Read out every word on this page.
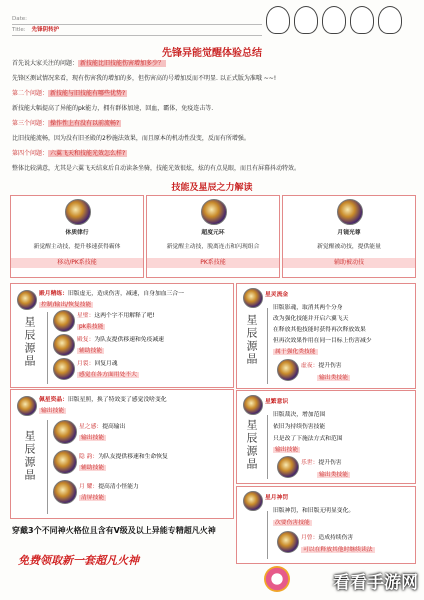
Date:
Title: 先锋阴转护
先锋异能觉醒体验总结
首先说大家关注的问题： 新技能比旧技能伤害增加多少？
先锋区测试情况来看，现有伤害我的增加的多，但伤害高的号增加反而不明显. 以正式版为准哦 ~~!
第二个问题： 新技能与旧技能有哪些优势?
新技能大幅提高了异能的pk能力，拥有群体加速，回血，霸体，免疫连击等.
第三个问题： 操作性上有没有以前流畅?
比旧技能流畅，因为没有旧圣殿的2秒施法效果，而且原本的机动性没变，反而有所增强。
第四个问题： 六翼飞天和技能光效怎么样?
整体比较满意，尤其是六翼飞天结束后自动读条坐骑，技能光效很炫，炫的有点晃眼，而且有屏幕抖动特效。
技能及星辰之力解读
体质律行
新觉醒主动技，提升移速获得霸体
移动/PK系技能
超度元环
新觉醒主动技，脱离连击和闪现组合
PK系技能
月镜光尊
新觉醒被动技，提供能量
辅助被动技
殿月精练：旧版虚无，造成伤害，减速，自身加血三合一
控制/输出/恢复技能
星辰源晶	星璧：这两个字不用解释了吧!
pk系技能
殿复：为队友提供移速和免疫减速
辅助技能
月裂：回复月魂
感觉在各方面用处不大
佩星资晶：旧版星照，换了特效变了感觉没啥变化
输出技能
星辰源晶
星之感：提高输出
输出技能
隐 韵：为队友提供移速和生命恢复
辅助技能
月 耀：提高清小怪能力
清屏技能
星灵流金
星辰源晶
旧版影魂，取消其两个分身
改为强化技能并开启六翼飞天
在释放其他技能时获得再次释放效果
但再次效果作用在同一目标上伤害减少
属于强化类技能
虚夜：提升伤害
输出类技能
星繁意识
星辰源晶
旧版裁决，增加范围
依旧为持续伤害技能
只是改了下施法方式和范围
输出技能
乐世：提升伤害
输出类技能
星月神罚
旧版神罚，和旧版无明显变化。
次要伤害技能
月曾：造成持续伤害
可以在释放其他时继续读法
穿戴3个不同神火格位且含有V级及以上异能专精超凡火神
免费领取新一套超凡火神
看看手游网
